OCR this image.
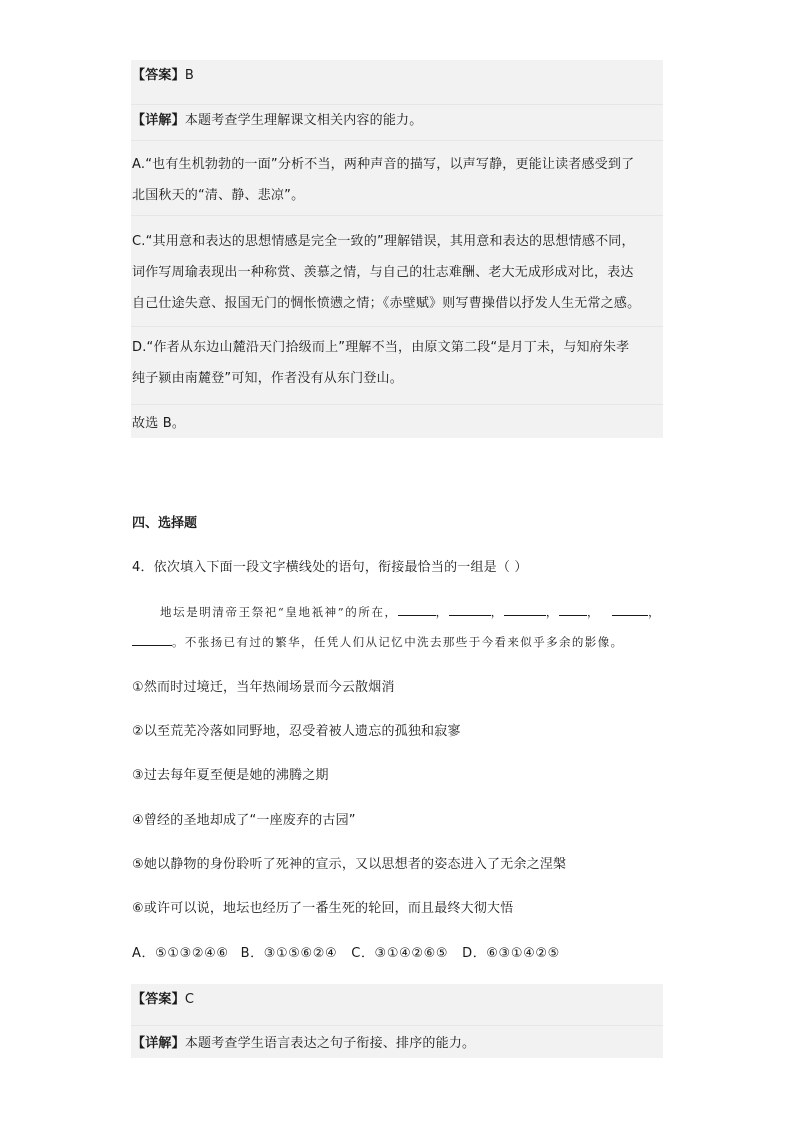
【答案】B
【详解】本题考查学生理解课文相关内容的能力。
A.“也有生机勃勃的一面”分析不当，两种声音的描写，以声写静，更能让读者感受到了
北国秋天的“清、静、悲凉”。
C.“其用意和表达的思想情感是完全一致的”理解错误，其用意和表达的思想情感不同，
词作写周瑜表现出一种称赏、羡慕之情，与自己的壮志难酬、老大无成形成对比，表达
自己仕途失意、报国无门的惆怅愤懑之情；《赤壁赋》则写曹操借以抒发人生无常之感。
D.“作者从东边山麓沿天门拾级而上”理解不当，由原文第二段“是月丁未，与知府朱孝
纯子颍由南麓登”可知，作者没有从东门登山。
故选 B。
四、选择题
4．依次填入下面一段文字横线处的语句，衔接最恰当的一组是（ ）
地坛是明清帝王祭祀“皇地祇神”的所在，	，	，	， ，	，
。不张扬已有过的繁华，任凭人们从记忆中洗去那些于今看来似乎多余的影像。
①然而时过境迁，当年热闹场景而今云散烟消
②以至荒芜冷落如同野地，忍受着被人遗忘的孤独和寂寥
③过去每年夏至便是她的沸腾之期
④曾经的圣地却成了“一座废弃的古园”
⑤她以静物的身份聆听了死神的宣示，又以思想者的姿态进入了无余之涅槃
⑥或许可以说，地坛也经历了一番生死的轮回，而且最终大彻大悟
A．⑤①③②④⑥ B．③①⑤⑥②④ C．③①④②⑥⑤ D．⑥③①④②⑤
【答案】C
【详解】本题考查学生语言表达之句子衔接、排序的能力。
